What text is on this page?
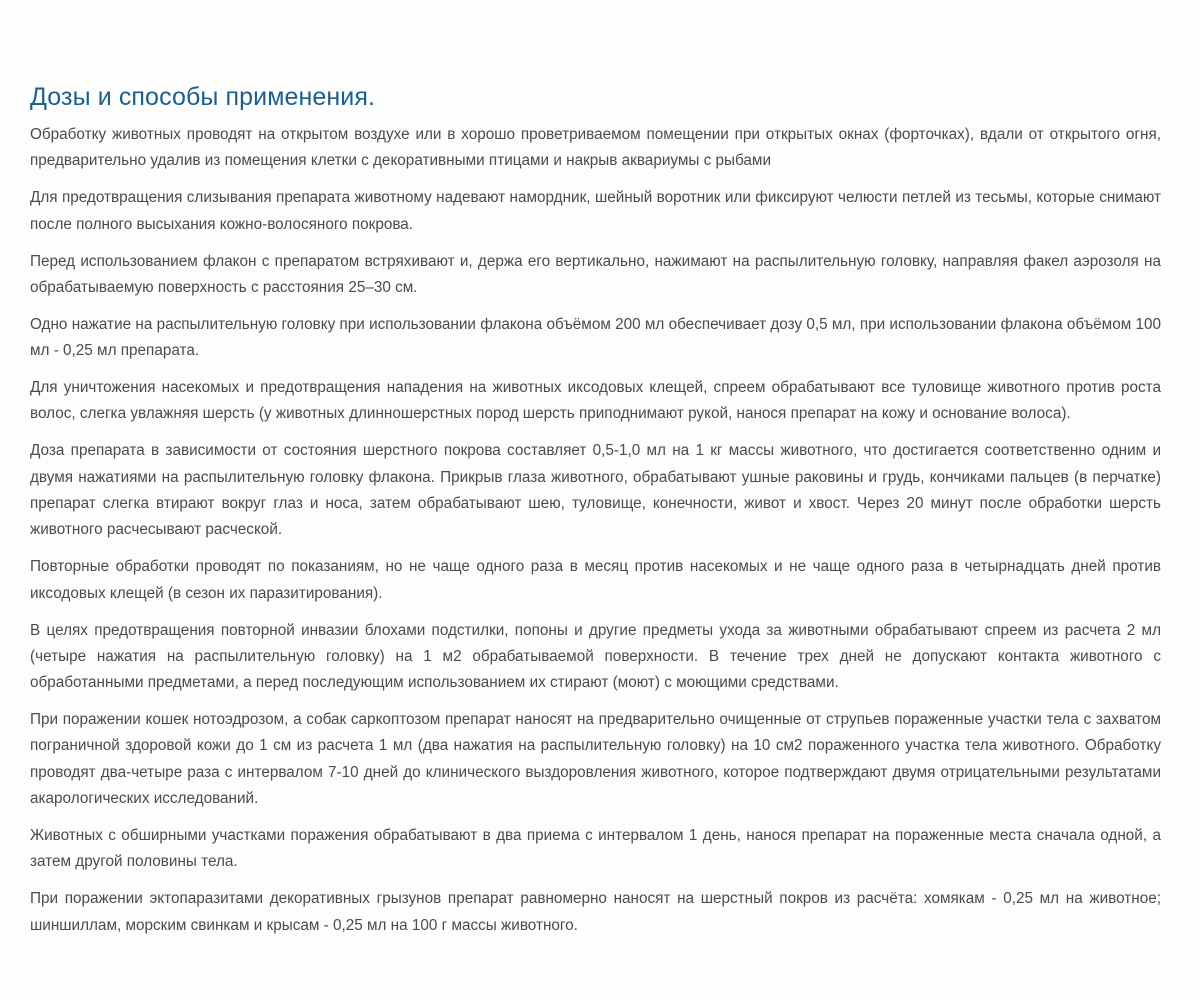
Дозы и способы применения.

Обработку животных проводят на открытом воздухе или в хорошо проветриваемом помещении при открытых окнах (форточках), вдали от открытого огня, предварительно удалив из помещения клетки с декоративными птицами и накрыв аквариумы с рыбами

Для предотвращения слизывания препарата животному надевают намордник, шейный воротник или фиксируют челюсти петлей из тесьмы, которые снимают после полного высыхания кожно-волосяного покрова.

Перед использованием флакон с препаратом встряхивают и, держа его вертикально, нажимают на распылительную головку, направляя факел аэрозоля на обрабатываемую поверхность с расстояния 25–30 см.

Одно нажатие на распылительную головку при использовании флакона объёмом 200 мл обеспечивает дозу 0,5 мл, при использовании флакона объёмом 100 мл - 0,25 мл препарата.

Для уничтожения насекомых и предотвращения нападения на животных иксодовых клещей, спреем обрабатывают все туловище животного против роста волос, слегка увлажняя шерсть (у животных длинношерстных пород шерсть приподнимают рукой, нанося препарат на кожу и основание волоса).

Доза препарата в зависимости от состояния шерстного покрова составляет 0,5-1,0 мл на 1 кг массы животного, что достигается соответственно одним и двумя нажатиями на распылительную головку флакона. Прикрыв глаза животного, обрабатывают ушные раковины и грудь, кончиками пальцев (в перчатке) препарат слегка втирают вокруг глаз и носа, затем обрабатывают шею, туловище, конечности, живот и хвост. Через 20 минут после обработки шерсть животного расчесывают расческой.

Повторные обработки проводят по показаниям, но не чаще одного раза в месяц против насекомых и не чаще одного раза в четырнадцать дней против иксодовых клещей (в сезон их паразитирования).

В целях предотвращения повторной инвазии блохами подстилки, попоны и другие предметы ухода за животными обрабатывают спреем из расчета 2 мл (четыре нажатия на распылительную головку) на 1 м2 обрабатываемой поверхности. В течение трех дней не допускают контакта животного с обработанными предметами, а перед последующим использованием их стирают (моют) с моющими средствами.

При поражении кошек нотоэдрозом, а собак саркоптозом препарат наносят на предварительно очищенные от струпьев пораженные участки тела с захватом пограничной здоровой кожи до 1 см из расчета 1 мл (два нажатия на распылительную головку) на 10 см2 пораженного участка тела животного. Обработку проводят два-четыре раза с интервалом 7-10 дней до клинического выздоровления животного, которое подтверждают двумя отрицательными результатами акарологических исследований.

Животных с обширными участками поражения обрабатывают в два приема с интервалом 1 день, нанося препарат на пораженные места сначала одной, а затем другой половины тела.

При поражении эктопаразитами декоративных грызунов препарат равномерно наносят на шерстный покров из расчёта: хомякам - 0,25 мл на животное; шиншиллам, морским свинкам и крысам - 0,25 мл на 100 г массы животного.
